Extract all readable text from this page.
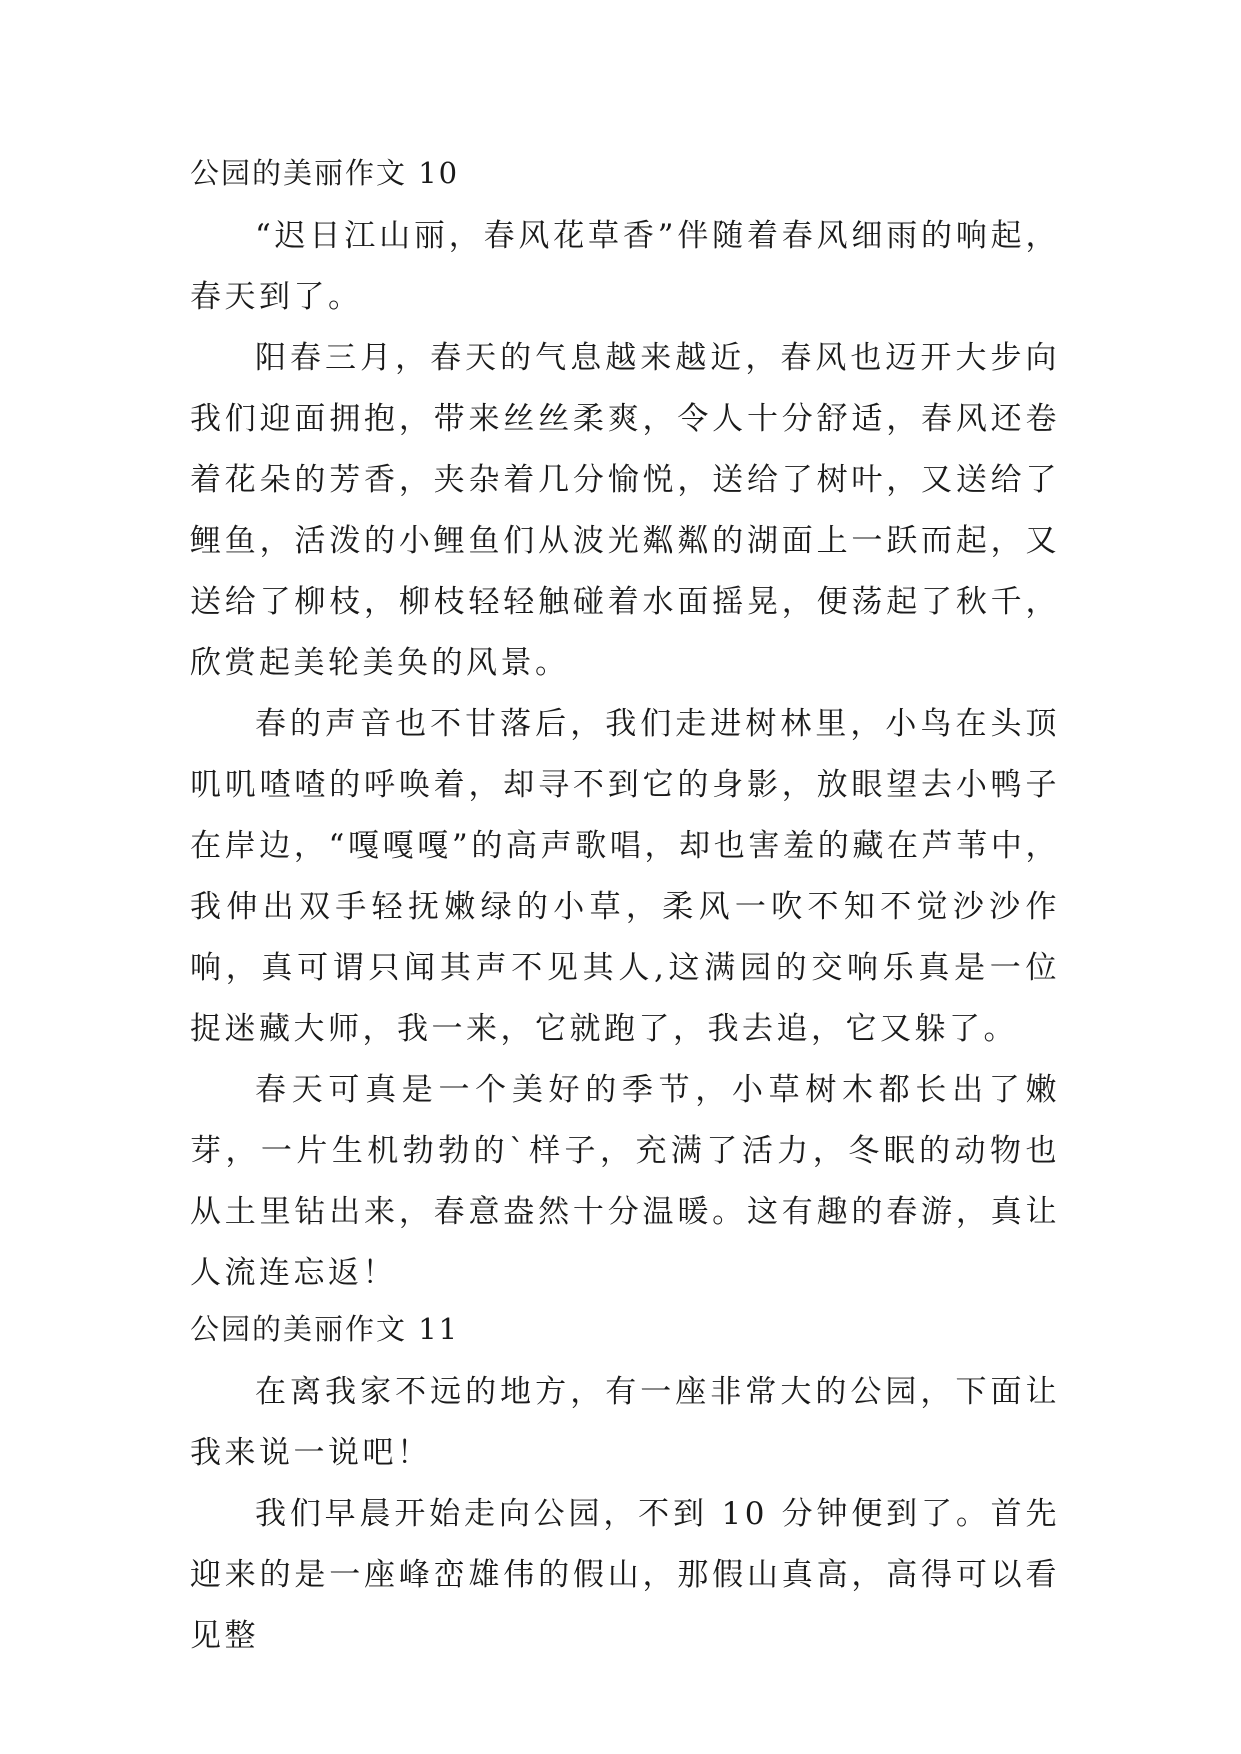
公园的美丽作文 10

“迟日江山丽，春风花草香”伴随着春风细雨的响起，春天到了。

阳春三月，春天的气息越来越近，春风也迈开大步向我们迎面拥抱，带来丝丝柔爽，令人十分舒适，春风还卷着花朵的芳香，夹杂着几分愉悦，送给了树叶，又送给了鲤鱼，活泼的小鲤鱼们从波光粼粼的湖面上一跃而起，又送给了柳枝，柳枝轻轻触碰着水面摇晃，便荡起了秋千，欣赏起美轮美奂的风景。

春的声音也不甘落后，我们走进树林里，小鸟在头顶叽叽喳喳的呼唤着，却寻不到它的身影，放眼望去小鸭子在岸边，“嘎嘎嘎”的高声歌唱，却也害羞的藏在芦苇中，我伸出双手轻抚嫩绿的小草，柔风一吹不知不觉沙沙作响，真可谓只闻其声不见其人,这满园的交响乐真是一位捉迷藏大师，我一来，它就跑了，我去追，它又躲了。

春天可真是一个美好的季节，小草树木都长出了嫩芽，一片生机勃勃的`样子，充满了活力，冬眠的动物也从土里钻出来，春意盎然十分温暖。这有趣的春游，真让人流连忘返！

公园的美丽作文 11

在离我家不远的地方，有一座非常大的公园，下面让我来说一说吧！

我们早晨开始走向公园，不到 10 分钟便到了。首先迎来的是一座峰峦雄伟的假山，那假山真高，高得可以看见整
